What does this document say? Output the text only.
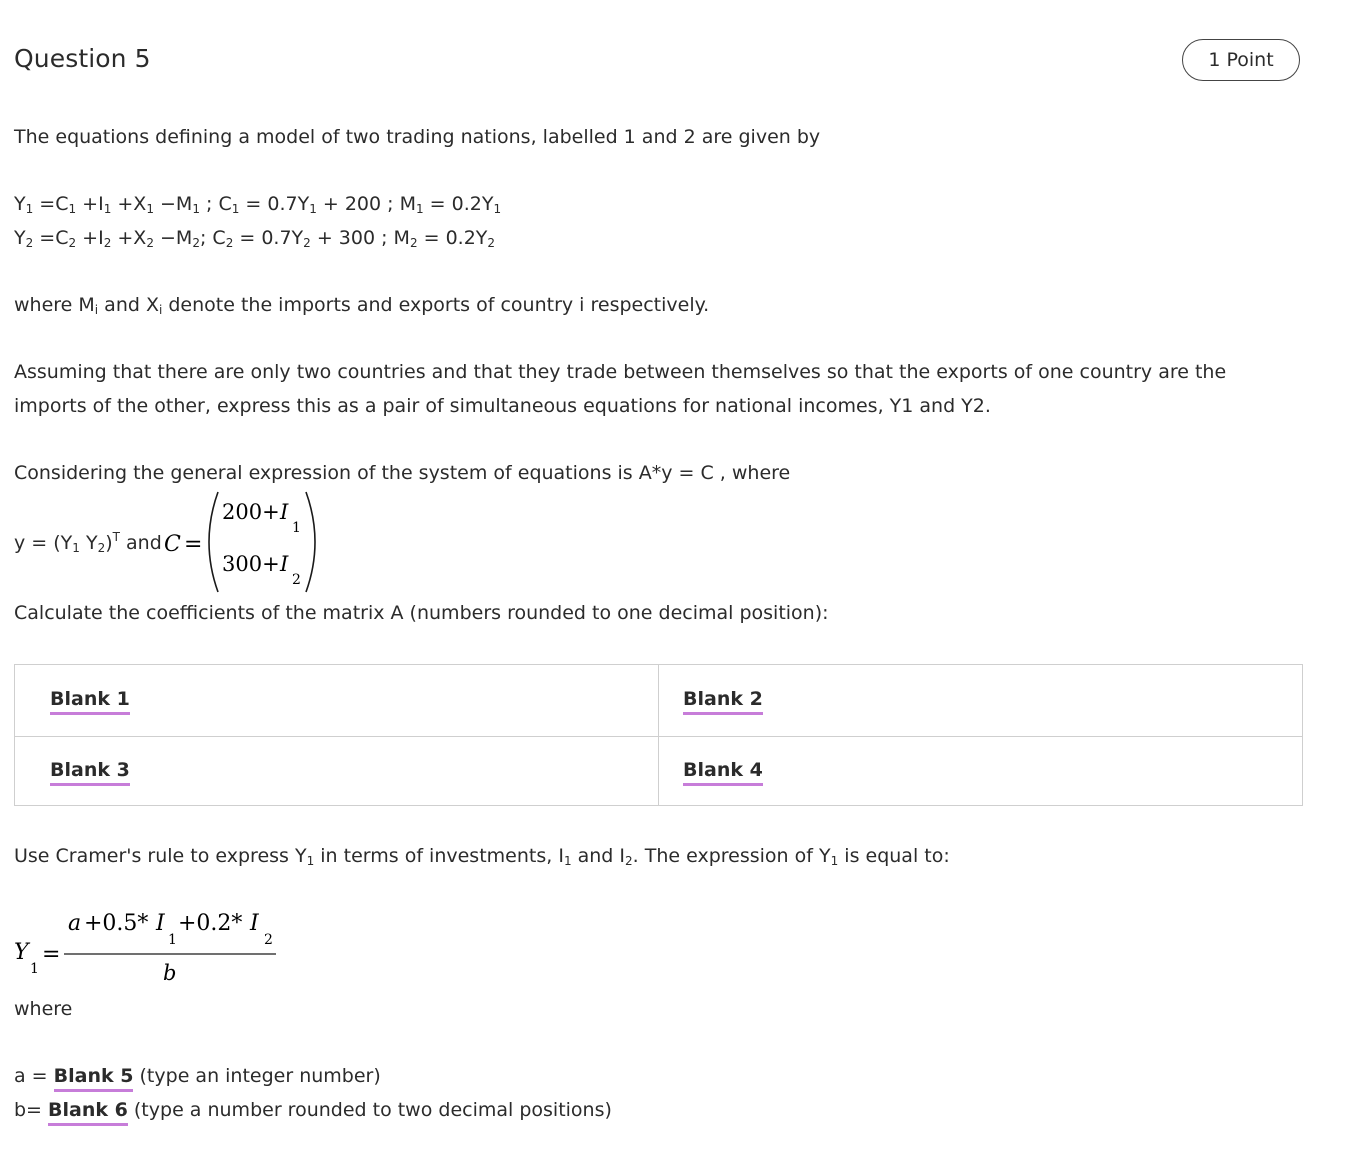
Question 5	1 Point
The equations defining a model of two trading nations, labelled 1 and 2 are given by
$Y_1 =C_1 +I_1 +X_1 -M_1$ ; $C_1 = 0.7Y_1 + 200$ ; $M_1 = 0.2Y_1$
$Y_2 =C_2 +I_2 +X_2 -M_2$; $C_2 = 0.7Y_2 + 300$ ; $M_2 = 0.2Y_2$
where $M_i$ and $X_i$ denote the imports and exports of country i respectively.
Assuming that there are only two countries and that they trade between themselves so that the exports of one country are the
imports of the other, express this as a pair of simultaneous equations for national incomes, Y1 and Y2.
Considering the general expression of the system of equations is A*y = C , where
$y = (Y_1$ $Y_2)^T$ and C =
200+ I
1
300+ I
2
Calculate the coefficients of the matrix A (numbers rounded to one decimal position):
Blank 1	Blank 2
Blank 3	Blank 4
Use Cramer's rule to express $Y_1$ in terms of investments, $I_1$ and $I_2$. The expression of $Y_1$ is equal to:
Y
1
=
a +0.5* I
1
+0.2* I
2
b
where
a = Blank 5 (type an integer number)
b= Blank 6 (type a number rounded to two decimal positions)
